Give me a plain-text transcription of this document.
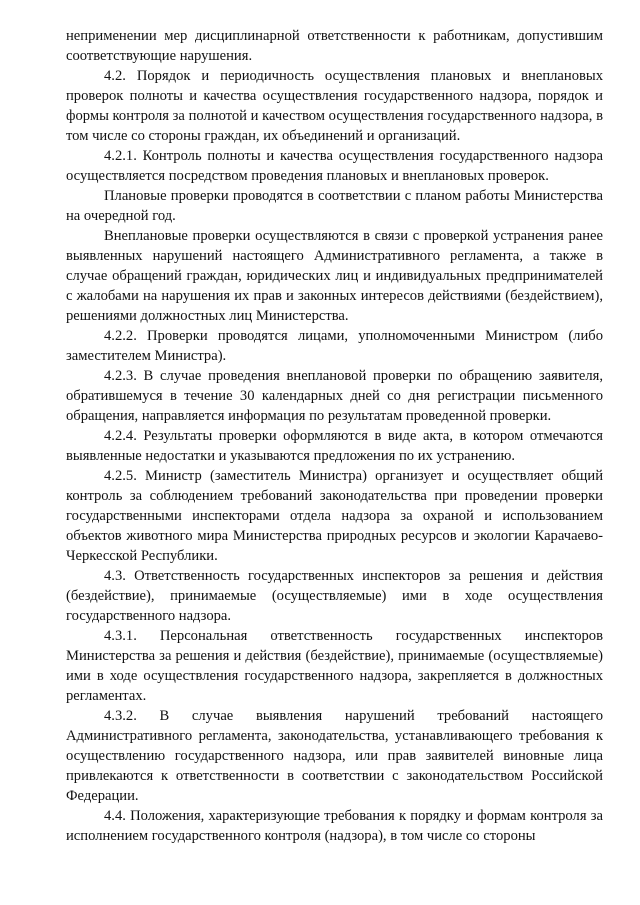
неприменении мер дисциплинарной ответственности к работникам, допустившим соответствующие нарушения.

4.2. Порядок и периодичность осуществления плановых и внеплановых проверок полноты и качества осуществления государственного надзора, порядок и формы контроля за полнотой и качеством осуществления государственного надзора, в том числе со стороны граждан, их объединений и организаций.

4.2.1. Контроль полноты и качества осуществления государственного надзора осуществляется посредством проведения плановых и внеплановых проверок.

Плановые проверки проводятся в соответствии с планом работы Министерства на очередной год.

Внеплановые проверки осуществляются в связи с проверкой устранения ранее выявленных нарушений настоящего Административного регламента, а также в случае обращений граждан, юридических лиц и индивидуальных предпринимателей с жалобами на нарушения их прав и законных интересов действиями (бездействием), решениями должностных лиц Министерства.

4.2.2. Проверки проводятся лицами, уполномоченными Министром (либо заместителем Министра).

4.2.3. В случае проведения внеплановой проверки по обращению заявителя, обратившемуся в течение 30 календарных дней со дня регистрации письменного обращения, направляется информация по результатам проведенной проверки.

4.2.4. Результаты проверки оформляются в виде акта, в котором отмечаются выявленные недостатки и указываются предложения по их устранению.

4.2.5. Министр (заместитель Министра) организует и осуществляет общий контроль за соблюдением требований законодательства при проведении проверки государственными инспекторами отдела надзора за охраной и использованием объектов животного мира Министерства природных ресурсов и экологии Карачаево-Черкесской Республики.

4.3. Ответственность государственных инспекторов за решения и действия (бездействие), принимаемые (осуществляемые) ими в ходе осуществления государственного надзора.

4.3.1. Персональная ответственность государственных инспекторов Министерства за решения и действия (бездействие), принимаемые (осуществляемые) ими в ходе осуществления государственного надзора, закрепляется в должностных регламентах.

4.3.2. В случае выявления нарушений требований настоящего Административного регламента, законодательства, устанавливающего требования к осуществлению государственного надзора, или прав заявителей виновные лица привлекаются к ответственности в соответствии с законодательством Российской Федерации.

4.4. Положения, характеризующие требования к порядку и формам контроля за исполнением государственного контроля (надзора), в том числе со стороны
